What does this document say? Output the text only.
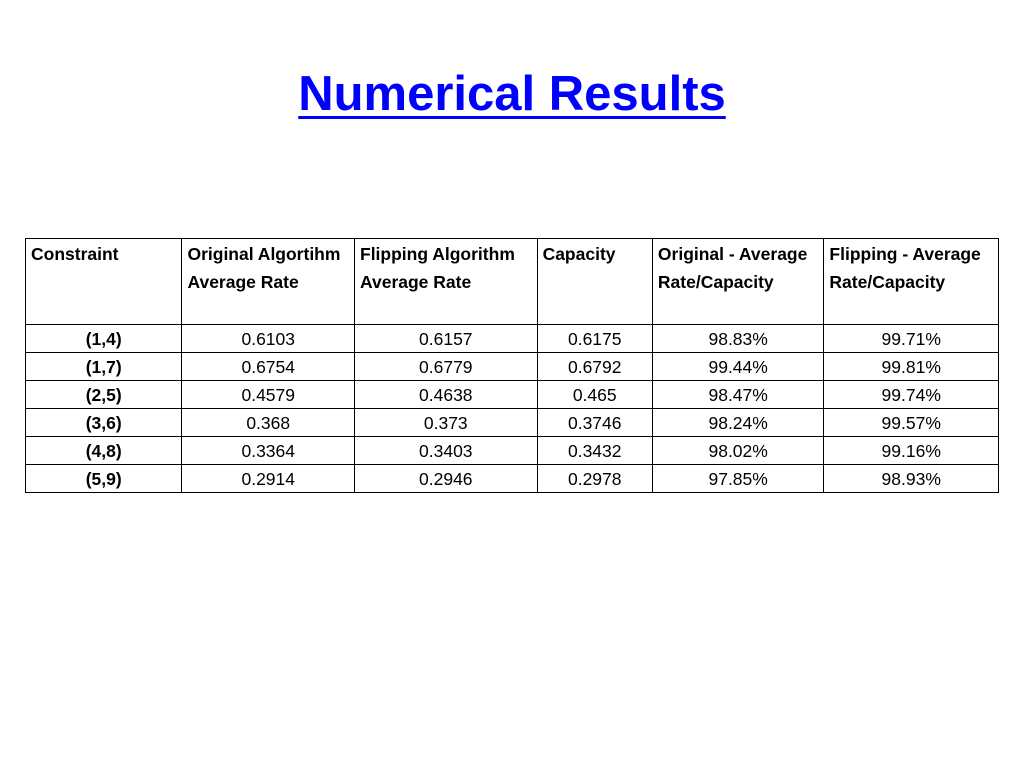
Numerical Results
Constraint	Original Algortihm Average Rate	Flipping Algorithm Average Rate	Capacity	Original - Average Rate/Capacity	Flipping - Average Rate/Capacity
(1,4)	0.6103	0.6157	0.6175	98.83%	99.71%
(1,7)	0.6754	0.6779	0.6792	99.44%	99.81%
(2,5)	0.4579	0.4638	0.465	98.47%	99.74%
(3,6)	0.368	0.373	0.3746	98.24%	99.57%
(4,8)	0.3364	0.3403	0.3432	98.02%	99.16%
(5,9)	0.2914	0.2946	0.2978	97.85%	98.93%
